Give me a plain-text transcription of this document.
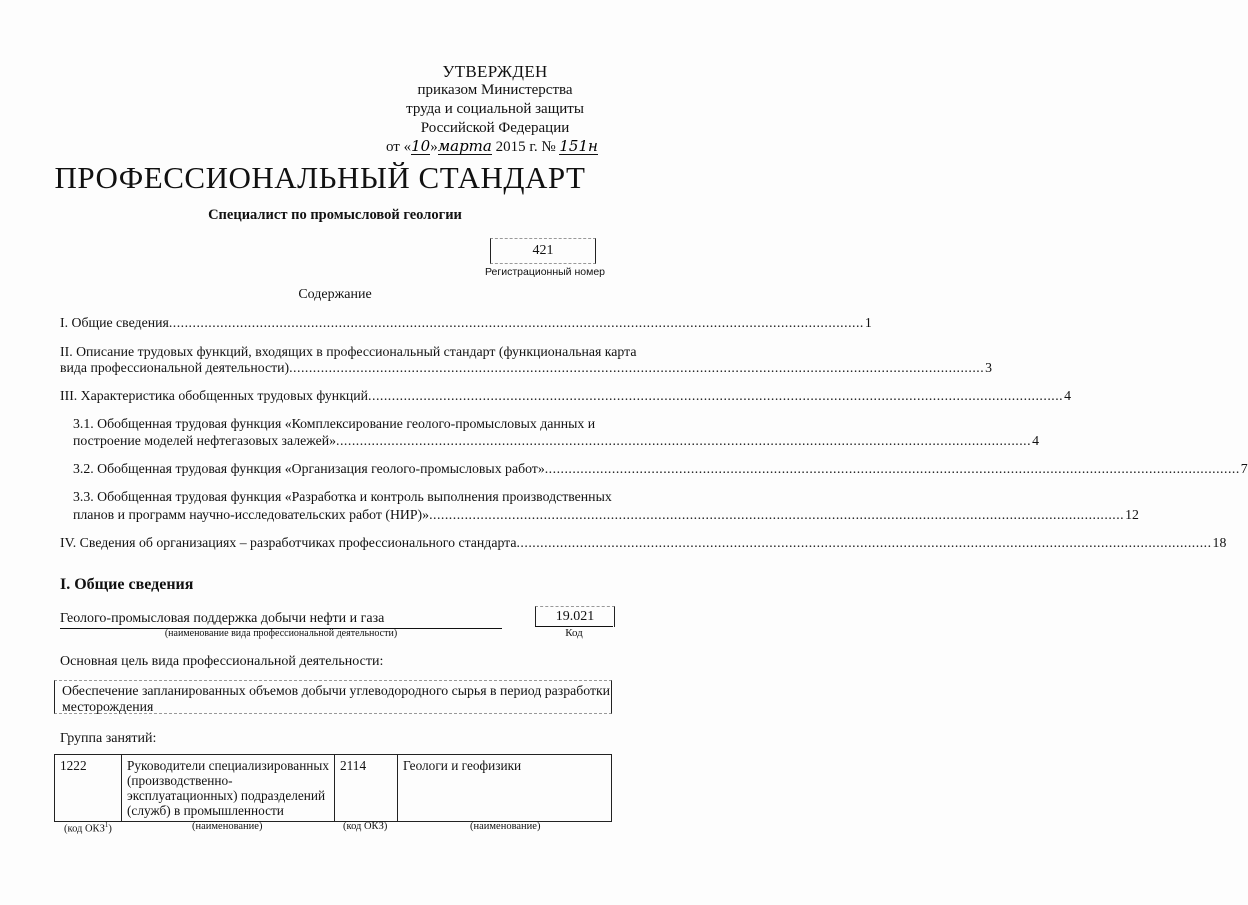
УТВЕРЖДЕН
приказом Министерства
труда и социальной защиты
Российской Федерации
от «10»марта 2015 г. № 151н
ПРОФЕССИОНАЛЬНЫЙ СТАНДАРТ
Специалист по промысловой геологии
421
Регистрационный номер
Содержание
I. Общие сведения ................................................................................................................................................................................ 1
II. Описание трудовых функций, входящих в профессиональный стандарт (функциональная карта
вида профессиональной деятельности) ................................................................................................................................................................................ 3
III. Характеристика обобщенных трудовых функций ................................................................................................................................................................................ 4
3.1. Обобщенная трудовая функция «Комплексирование геолого-промысловых данных и
построение моделей нефтегазовых залежей» ................................................................................................................................................................................ 4
3.2. Обобщенная трудовая функция «Организация геолого-промысловых работ» ................................................................................................................................................................................ 7
3.3. Обобщенная трудовая функция «Разработка и контроль выполнения производственных
планов и программ научно-исследовательских работ (НИР)» ................................................................................................................................................................................ 12
IV. Сведения об организациях – разработчиках профессионального стандарта ................................................................................................................................................................................ 18
I. Общие сведения
Геолого-промысловая поддержка добычи нефти и газа
(наименование вида профессиональной деятельности)
19.021
Код
Основная цель вида профессиональной деятельности:
Обеспечение запланированных объемов добычи углеводородного сырья в период разработки месторождения
Группа занятий:
1222	Руководители специализированных (производственно-эксплуатационных) подразделений (служб) в промышленности	2114	Геологи и геофизики
(код ОКЗ$^1$)	(наименование)	(код ОКЗ)	(наименование)
